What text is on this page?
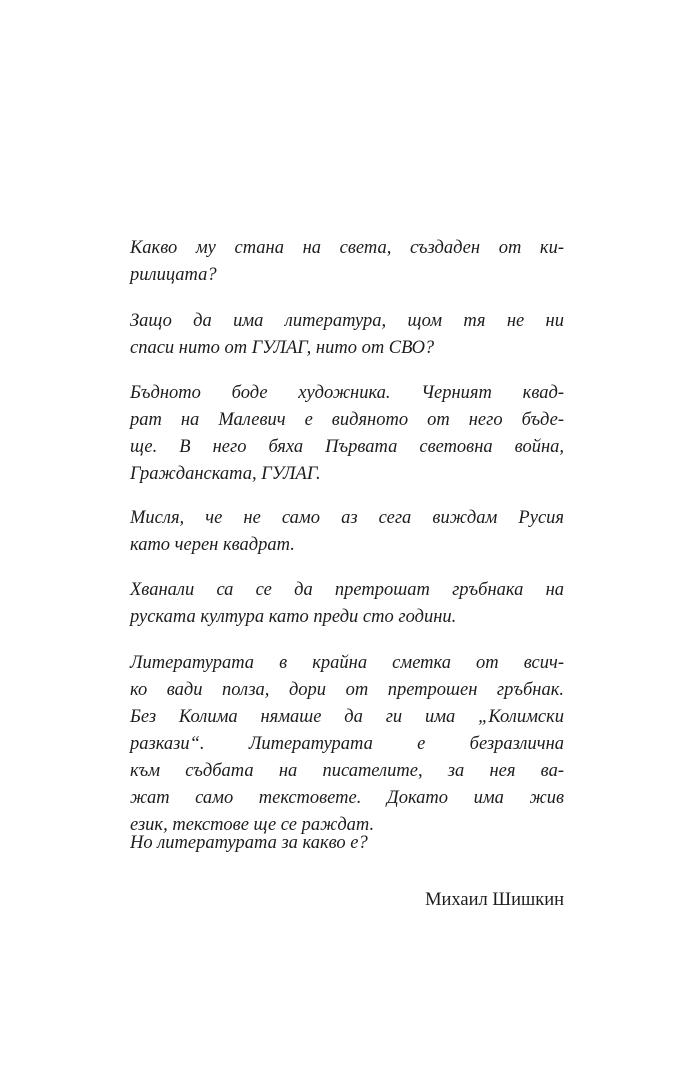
Какво му стана на света, създаден от ки-
рилицата?

Защо да има литература, щом тя не ни
спаси нито от ГУЛАГ, нито от СВО?

Бъдното боде художника. Черният квад-
рат на Малевич е видяното от него бъде-
ще. В него бяха Първата световна война,
Гражданската, ГУЛАГ.

Мисля, че не само аз сега виждам Русия
като черен квадрат.

Хванали са се да претрошат гръбнака на
руската култура като преди сто години.

Литературата в крайна сметка от всич-
ко вади полза, дори от претрошен гръбнак.
Без Колима нямаше да ги има „Колимски
разкази“. Литературата е безразлична
към съдбата на писателите, за нея ва-
жат само текстовете. Докато има жив
език, текстове ще се раждат.

Но литературата за какво е?

Михаил Шишкин
